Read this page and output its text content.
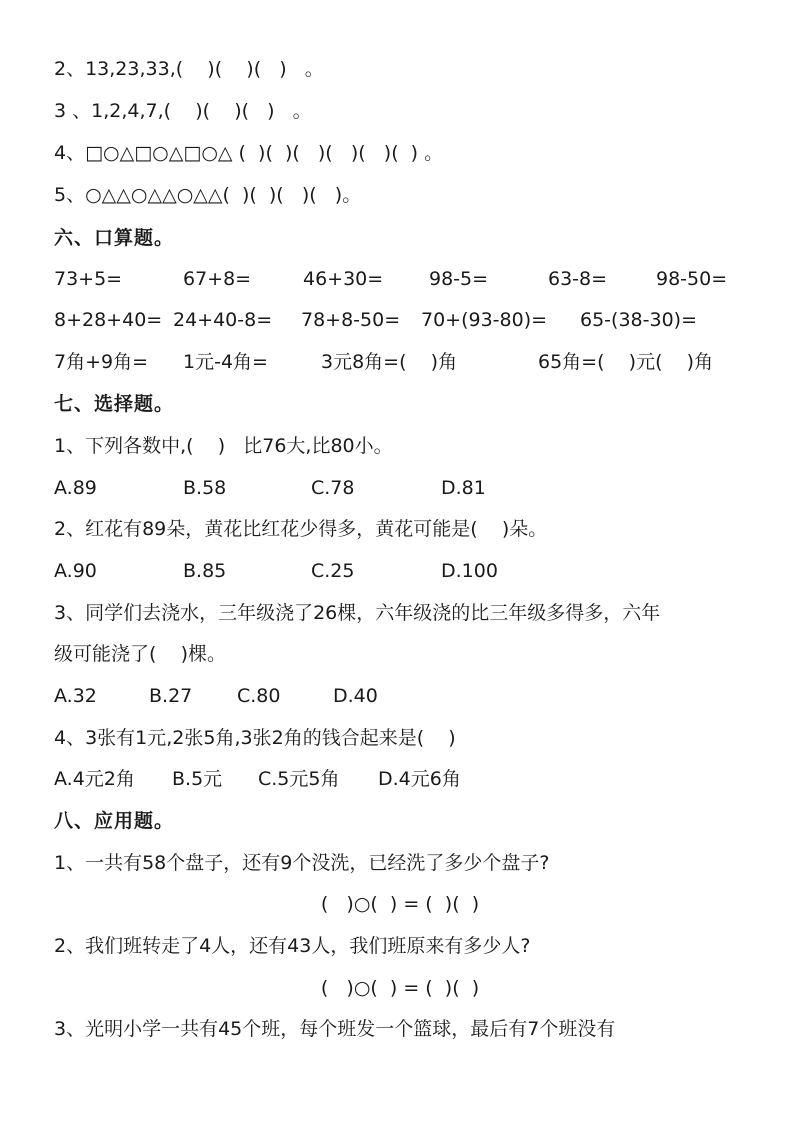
2、13,23,33,(    )(    )(   )   。
3 、1,2,4,7,(    )(    )(   )   。
4、□○△□○△□○△ (  )(  )(   )(   )(   )(  ) 。
5、○△△○△△○△△(  )(  )(   )(   )。
六、口算题。
73+5=	67+8=	46+30= 98-5=	63-8=	98-50=
8+28+40= 24+40-8= 78+8-50= 70+(93-80)= 65-(38-30)=
7角+9角= 1元-4角=	3元8角=(    )角	65角=(    )元(    )角
七、选择题。
1、下列各数中,(    )   比76大,比80小。
A.89	B.58	C.78	D.81
2、红花有89朵，黄花比红花少得多，黄花可能是(    )朵。
A.90	B.85	C.25	D.100
3、同学们去浇水，三年级浇了26棵，六年级浇的比三年级多得多，六年
级可能浇了(    )棵。
A.32	B.27 C.80	D.40
4、3张有1元,2张5角,3张2角的钱合起来是(    )
A.4元2角 B.5元 C.5元5角 D.4元6角
八、应用题。
1、一共有58个盘子，还有9个没洗，已经洗了多少个盘子?
(   )○(  ) = (  )(  )
2、我们班转走了4人，还有43人，我们班原来有多少人?
(   )○(  ) = (  )(  )
3、光明小学一共有45个班，每个班发一个篮球，最后有7个班没有
